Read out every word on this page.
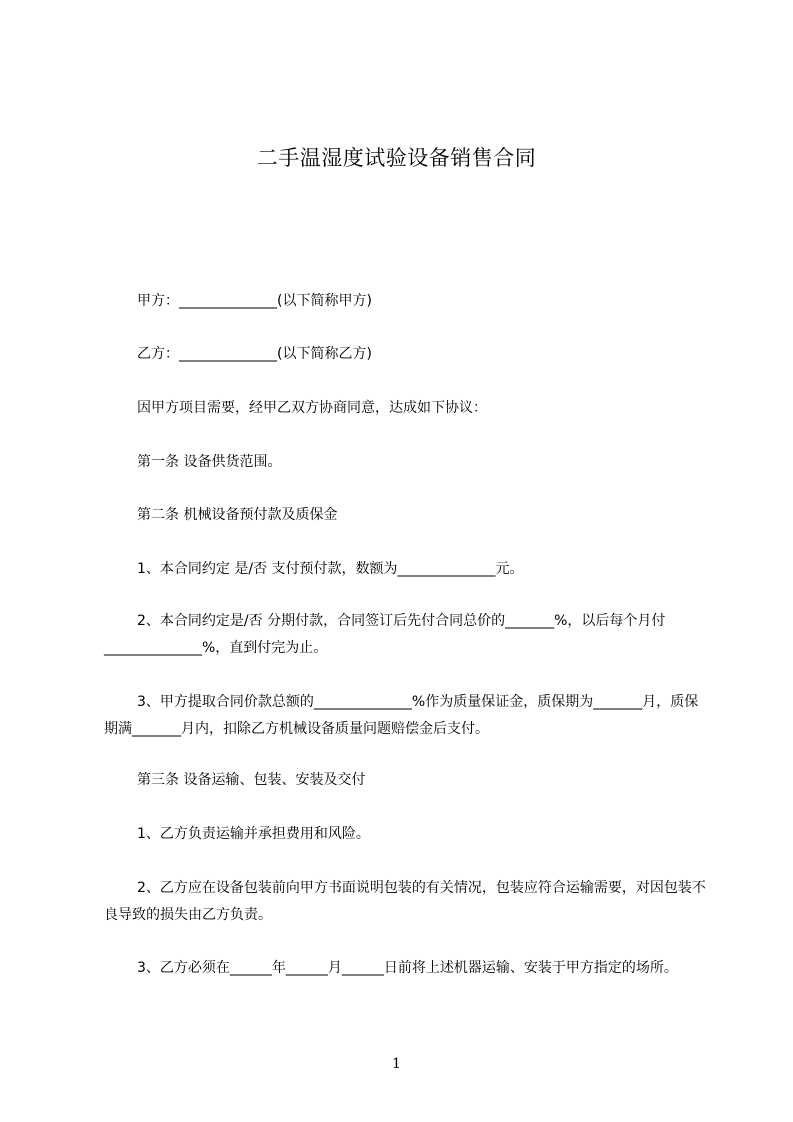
二手温湿度试验设备销售合同

甲方：______________(以下简称甲方)

乙方：______________(以下简称乙方)

因甲方项目需要，经甲乙双方协商同意，达成如下协议：

第一条 设备供货范围。

第二条 机械设备预付款及质保金

1、本合同约定 是/否 支付预付款，数额为______________元。

2、本合同约定是/否 分期付款，合同签订后先付合同总价的_______%，以后每个月付______________%，直到付完为止。

3、甲方提取合同价款总额的______________%作为质量保证金，质保期为_______月，质保期满_______月内，扣除乙方机械设备质量问题赔偿金后支付。

第三条 设备运输、包装、安装及交付

1、乙方负责运输并承担费用和风险。

2、乙方应在设备包装前向甲方书面说明包装的有关情况，包装应符合运输需要，对因包装不良导致的损失由乙方负责。

3、乙方必须在______年______月______日前将上述机器运输、安装于甲方指定的场所。

1
